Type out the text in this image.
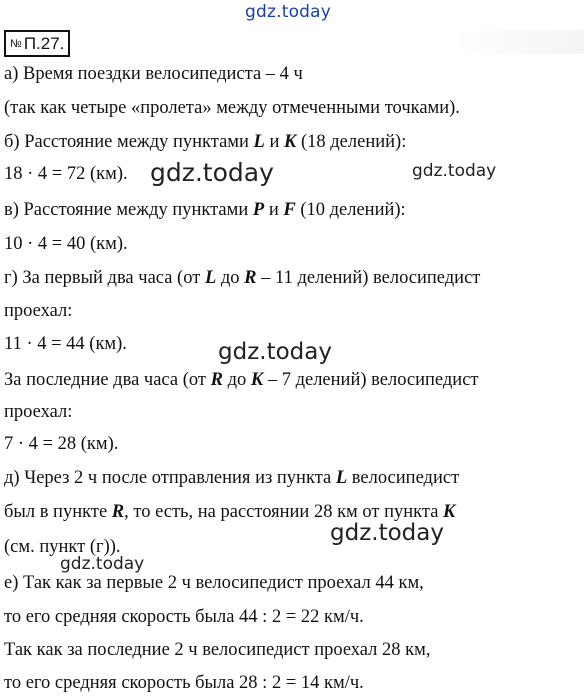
gdz.today
№ П.27.
а) Время поездки велосипедиста – 4 ч
(так как четыре «пролета» между отмеченными точками).
б) Расстояние между пунктами L и K (18 делений):
18 · 4 = 72 (км).
в) Расстояние между пунктами P и F (10 делений):
10 · 4 = 40 (км).
г) За первый два часа (от L до R – 11 делений) велосипедист
проехал:
11 · 4 = 44 (км).
За последние два часа (от R до K – 7 делений) велосипедист
проехал:
7 · 4 = 28 (км).
д) Через 2 ч после отправления из пункта L велосипедист
был в пункте R, то есть, на расстоянии 28 км от пункта K
(см. пункт (г)).
е) Так как за первые 2 ч велосипедист проехал 44 км,
то его средняя скорость была 44 : 2 = 22 км/ч.
Так как за последние 2 ч велосипедист проехал 28 км,
то его средняя скорость была 28 : 2 = 14 км/ч.
gdz.today	gdz.today
gdz.today
gdz.today
gdz.today
